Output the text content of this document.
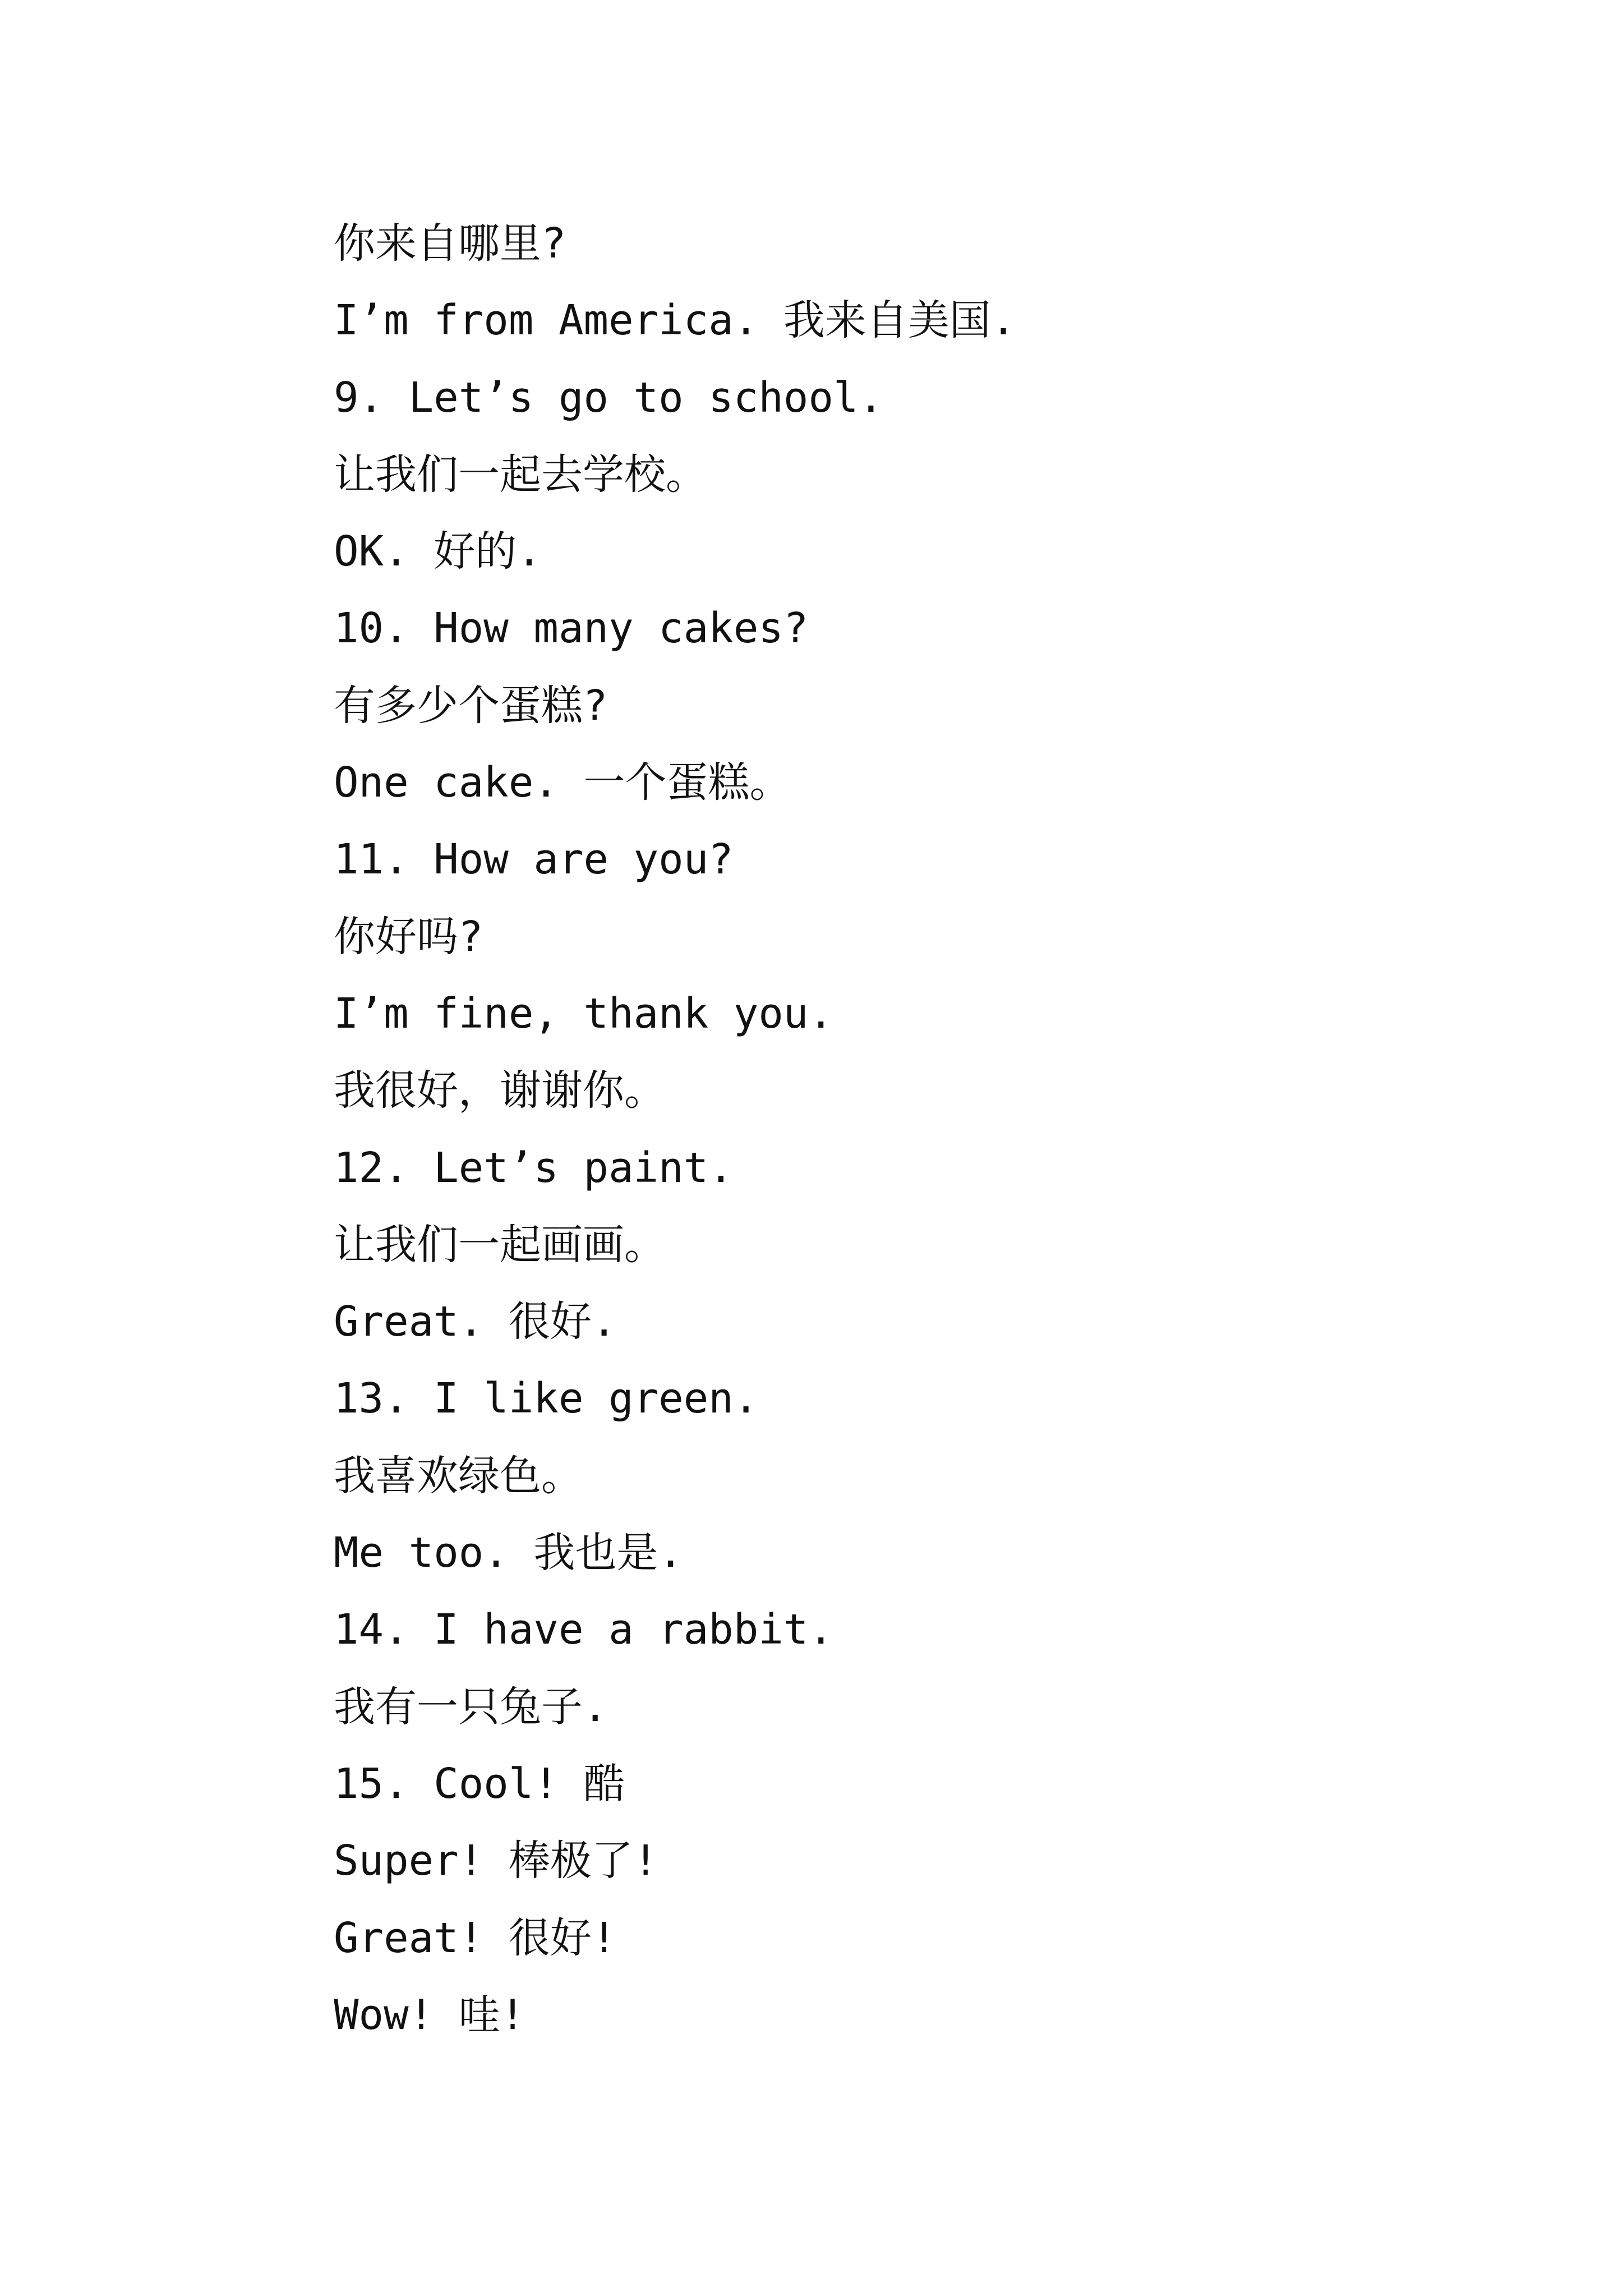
你来自哪里?
I’m from America. 我来自美国.
9. Let’s go to school.
让我们一起去学校。
OK. 好的.
10. How many cakes?
有多少个蛋糕?
One cake. 一个蛋糕。
11. How are you?
你好吗?
I’m fine, thank you.
我很好，谢谢你。
12. Let’s paint.
让我们一起画画。
Great. 很好.
13. I like green.
我喜欢绿色。
Me too. 我也是.
14. I have a rabbit.
我有一只兔子.
15. Cool! 酷
Super! 棒极了!
Great! 很好!
Wow! 哇!
